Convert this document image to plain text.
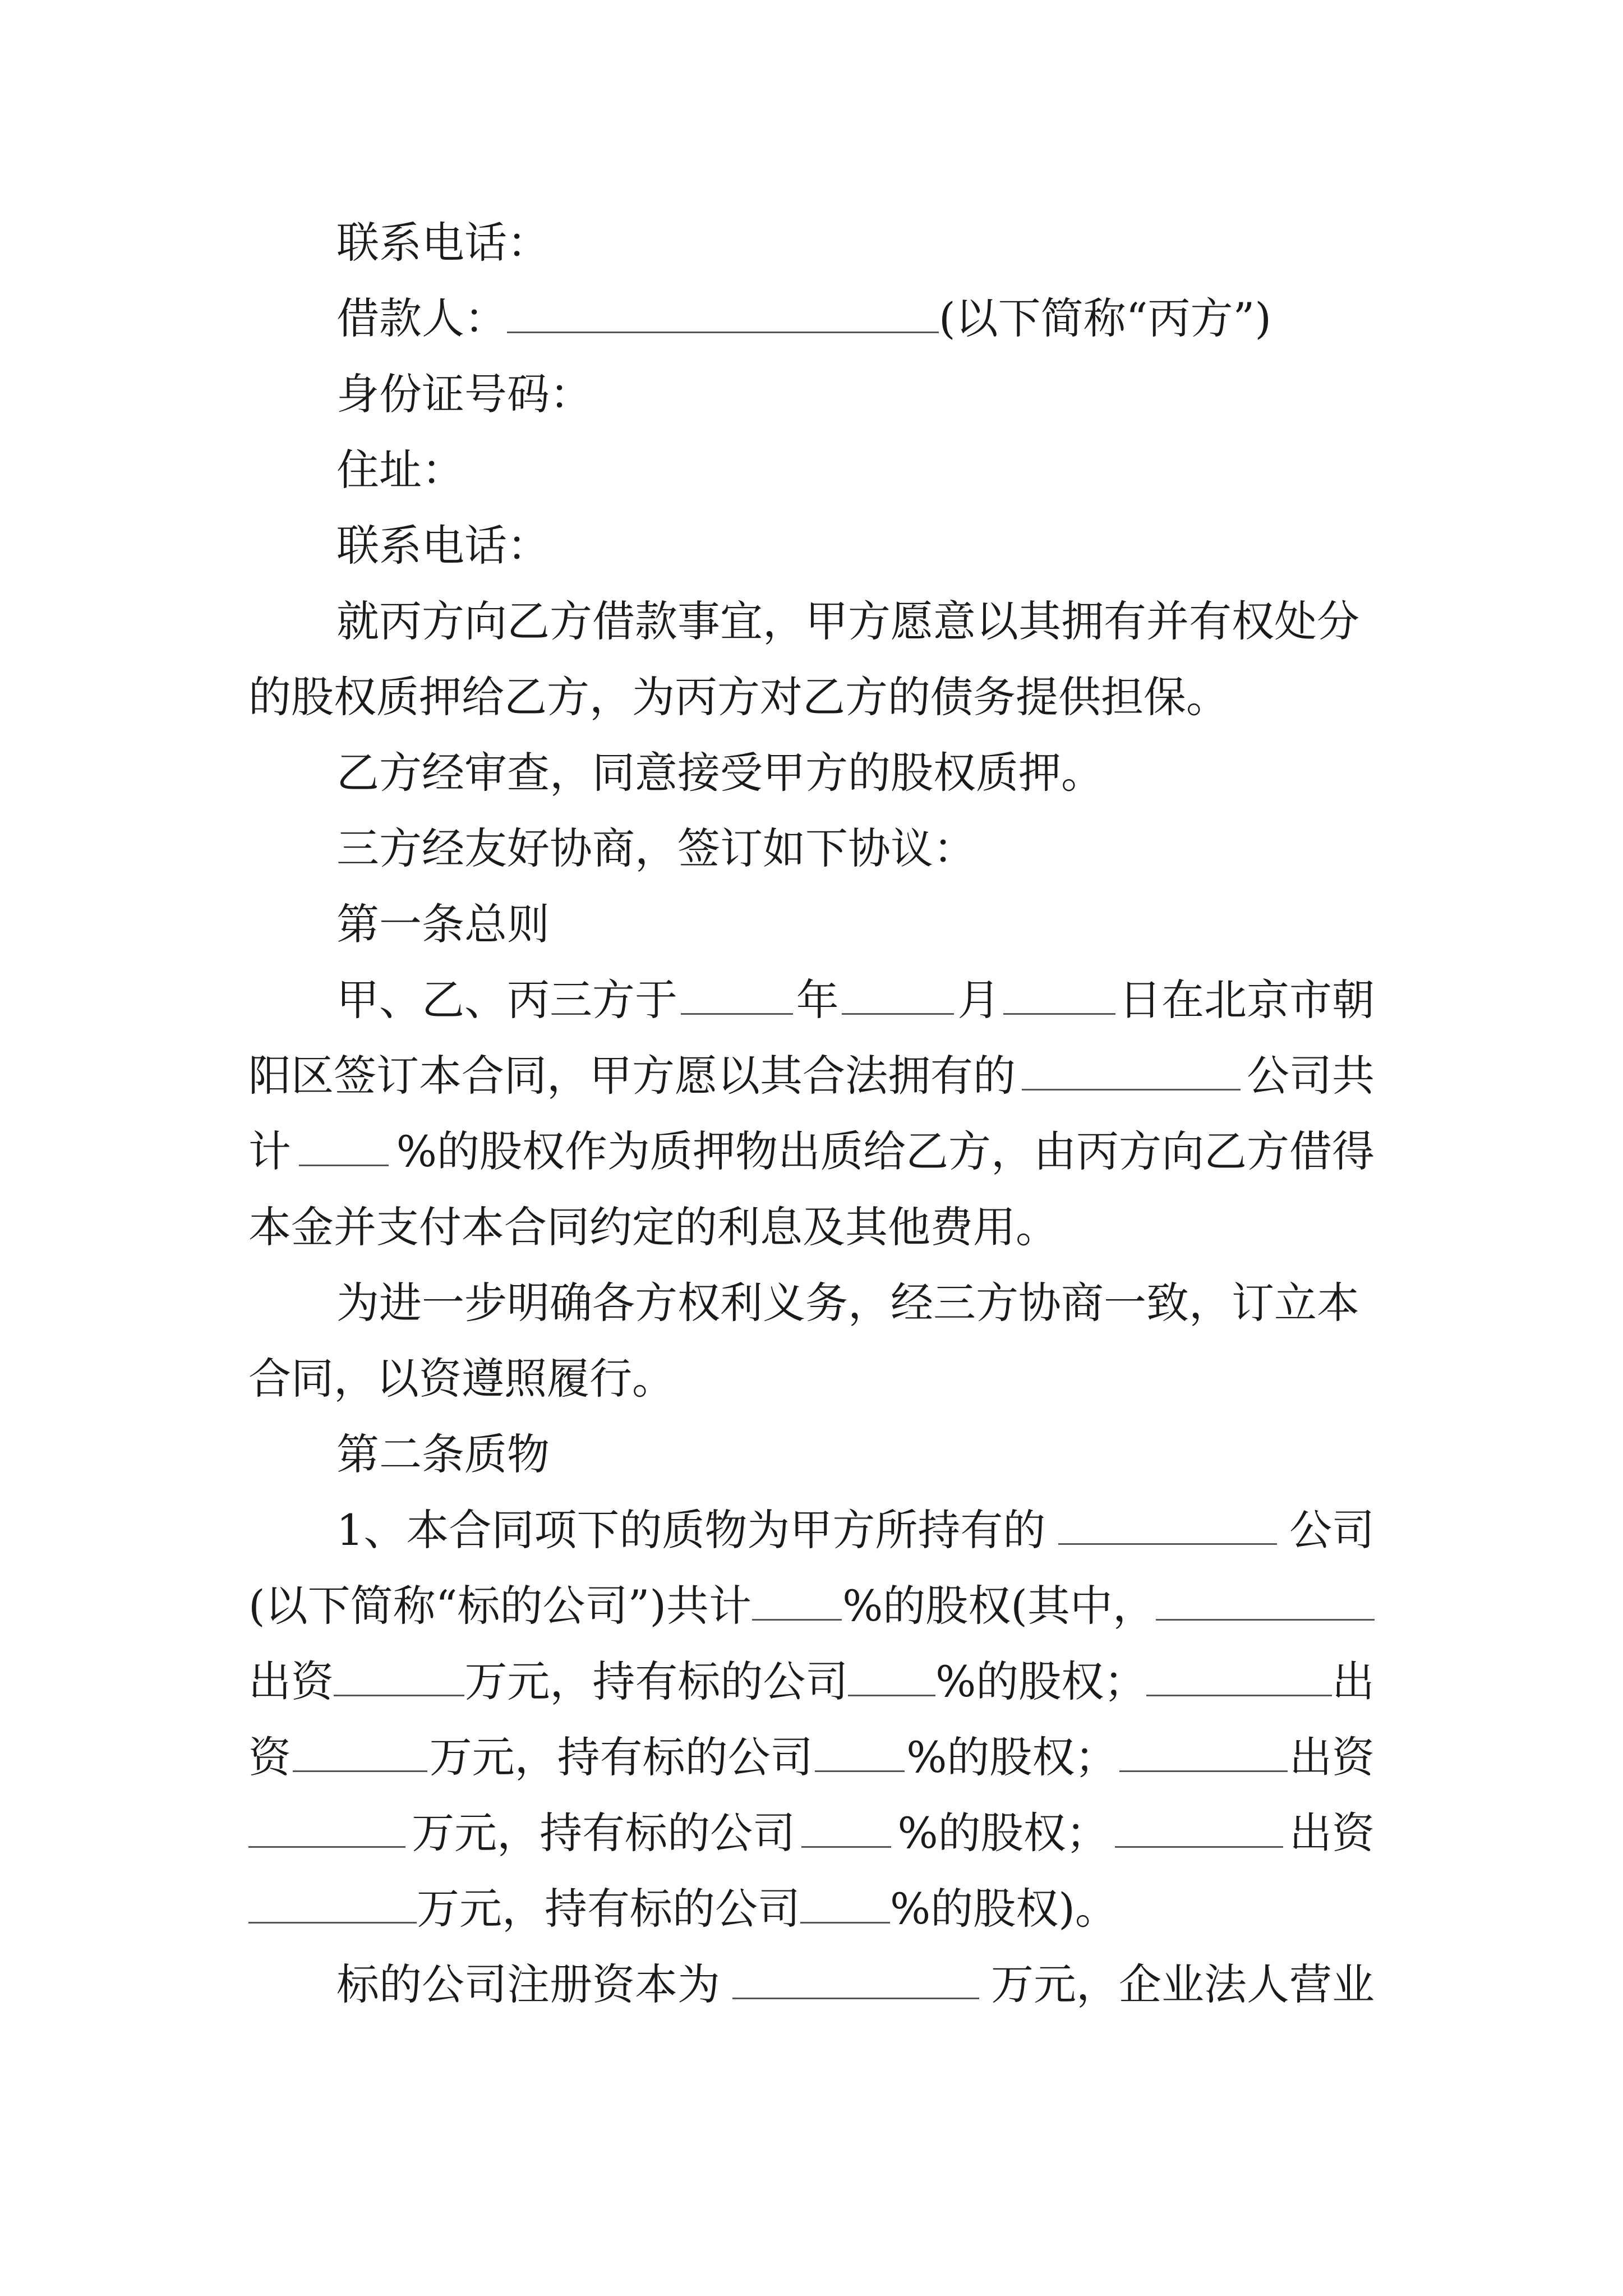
联系电话：
借款人：	(以下简称“丙方”)
身份证号码：
住址：
联系电话：
就丙方向乙方借款事宜，甲方愿意以其拥有并有权处分
的股权质押给乙方，为丙方对乙方的债务提供担保。
乙方经审查，同意接受甲方的股权质押。
三方经友好协商，签订如下协议：
第一条总则
甲、乙、丙三方于	年	月	日在北京市朝
阳区签订本合同，甲方愿以其合法拥有的	公司共
计 %的股权作为质押物出质给乙方，由丙方向乙方借得
本金并支付本合同约定的利息及其他费用。
为进一步明确各方权利义务，经三方协商一致，订立本
合同，以资遵照履行。
第二条质物
1、本合同项下的质物为甲方所持有的	公司
(以下简称“标的公司”)共计 %的股权(其中，
出资	万元，持有标的公司 %的股权；	出
资	万元，持有标的公司 %的股权；	出资
万元，持有标的公司 %的股权；	出资
万元，持有标的公司 %的股权)。
标的公司注册资本为	万元，企业法人营业
